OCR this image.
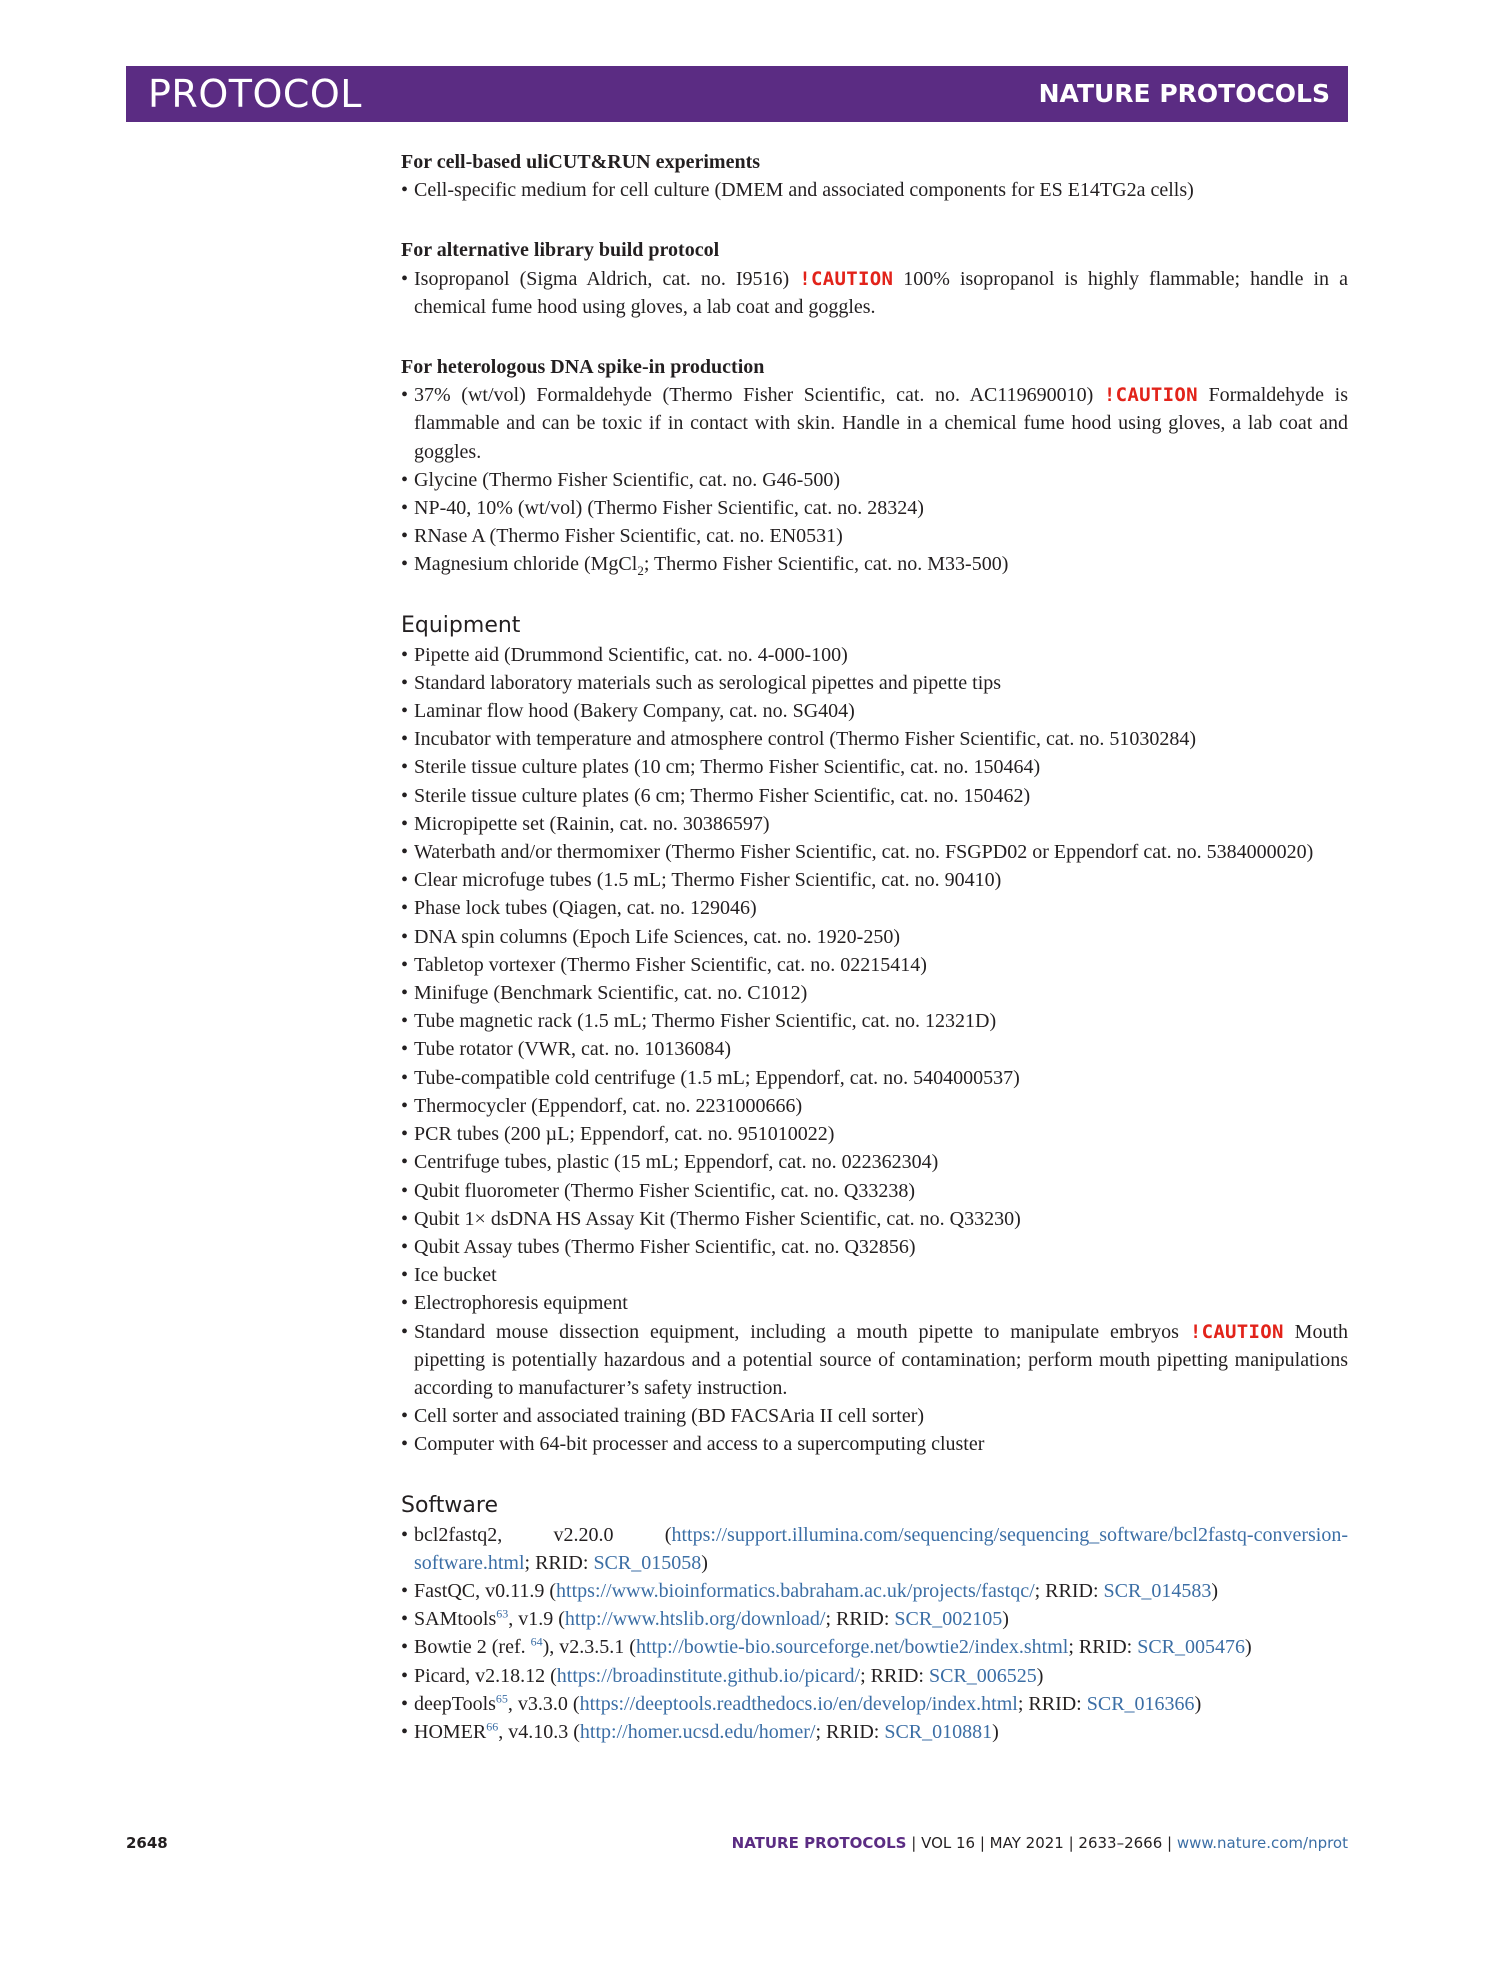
PROTOCOL	NATURE PROTOCOLS

For cell-based uliCUT&RUN experiments

• Cell-specific medium for cell culture (DMEM and associated components for ES E14TG2a cells)

For alternative library build protocol

• Isopropanol (Sigma Aldrich, cat. no. I9516) !CAUTION 100% isopropanol is highly flammable; handle in a chemical fume hood using gloves, a lab coat and goggles.

For heterologous DNA spike-in production

• 37% (wt/vol) Formaldehyde (Thermo Fisher Scientific, cat. no. AC119690010) !CAUTION Formaldehyde is flammable and can be toxic if in contact with skin. Handle in a chemical fume hood using gloves, a lab coat and goggles.
• Glycine (Thermo Fisher Scientific, cat. no. G46-500)
• NP-40, 10% (wt/vol) (Thermo Fisher Scientific, cat. no. 28324)
• RNase A (Thermo Fisher Scientific, cat. no. EN0531)
• Magnesium chloride (MgCl$_2$; Thermo Fisher Scientific, cat. no. M33-500)
Equipment
• Pipette aid (Drummond Scientific, cat. no. 4-000-100)
• Standard laboratory materials such as serological pipettes and pipette tips
• Laminar flow hood (Bakery Company, cat. no. SG404)
• Incubator with temperature and atmosphere control (Thermo Fisher Scientific, cat. no. 51030284)
• Sterile tissue culture plates (10 cm; Thermo Fisher Scientific, cat. no. 150464)
• Sterile tissue culture plates (6 cm; Thermo Fisher Scientific, cat. no. 150462)
• Micropipette set (Rainin, cat. no. 30386597)
• Waterbath and/or thermomixer (Thermo Fisher Scientific, cat. no. FSGPD02 or Eppendorf cat. no. 5384000020)
• Clear microfuge tubes (1.5 mL; Thermo Fisher Scientific, cat. no. 90410)
• Phase lock tubes (Qiagen, cat. no. 129046)
• DNA spin columns (Epoch Life Sciences, cat. no. 1920-250)
• Tabletop vortexer (Thermo Fisher Scientific, cat. no. 02215414)
• Minifuge (Benchmark Scientific, cat. no. C1012)
• Tube magnetic rack (1.5 mL; Thermo Fisher Scientific, cat. no. 12321D)
• Tube rotator (VWR, cat. no. 10136084)
• Tube-compatible cold centrifuge (1.5 mL; Eppendorf, cat. no. 5404000537)
• Thermocycler (Eppendorf, cat. no. 2231000666)
• PCR tubes (200 µL; Eppendorf, cat. no. 951010022)
• Centrifuge tubes, plastic (15 mL; Eppendorf, cat. no. 022362304)
• Qubit fluorometer (Thermo Fisher Scientific, cat. no. Q33238)
• Qubit 1× dsDNA HS Assay Kit (Thermo Fisher Scientific, cat. no. Q33230)
• Qubit Assay tubes (Thermo Fisher Scientific, cat. no. Q32856)
• Ice bucket
• Electrophoresis equipment
• Standard mouse dissection equipment, including a mouth pipette to manipulate embryos !CAUTION Mouth pipetting is potentially hazardous and a potential source of contamination; perform mouth pipetting manipulations according to manufacturer’s safety instruction.
• Cell sorter and associated training (BD FACSAria II cell sorter)
• Computer with 64-bit processer and access to a supercomputing cluster
Software
• bcl2fastq2, v2.20.0 (https://support.illumina.com/sequencing/sequencing_software/bcl2fastq-conversion-software.html; RRID: SCR_015058)
• FastQC, v0.11.9 (https://www.bioinformatics.babraham.ac.uk/projects/fastqc/; RRID: SCR_014583)
• SAMtools$^{63}$, v1.9 (http://www.htslib.org/download/; RRID: SCR_002105)
• Bowtie 2 (ref. $^{64}$), v2.3.5.1 (http://bowtie-bio.sourceforge.net/bowtie2/index.shtml; RRID: SCR_005476)
• Picard, v2.18.12 (https://broadinstitute.github.io/picard/; RRID: SCR_006525)
• deepTools$^{65}$, v3.3.0 (https://deeptools.readthedocs.io/en/develop/index.html; RRID: SCR_016366)
• HOMER$^{66}$, v4.10.3 (http://homer.ucsd.edu/homer/; RRID: SCR_010881)
2648	NATURE PROTOCOLS | VOL 16 | MAY 2021 | 2633–2666 | www.nature.com/nprot
